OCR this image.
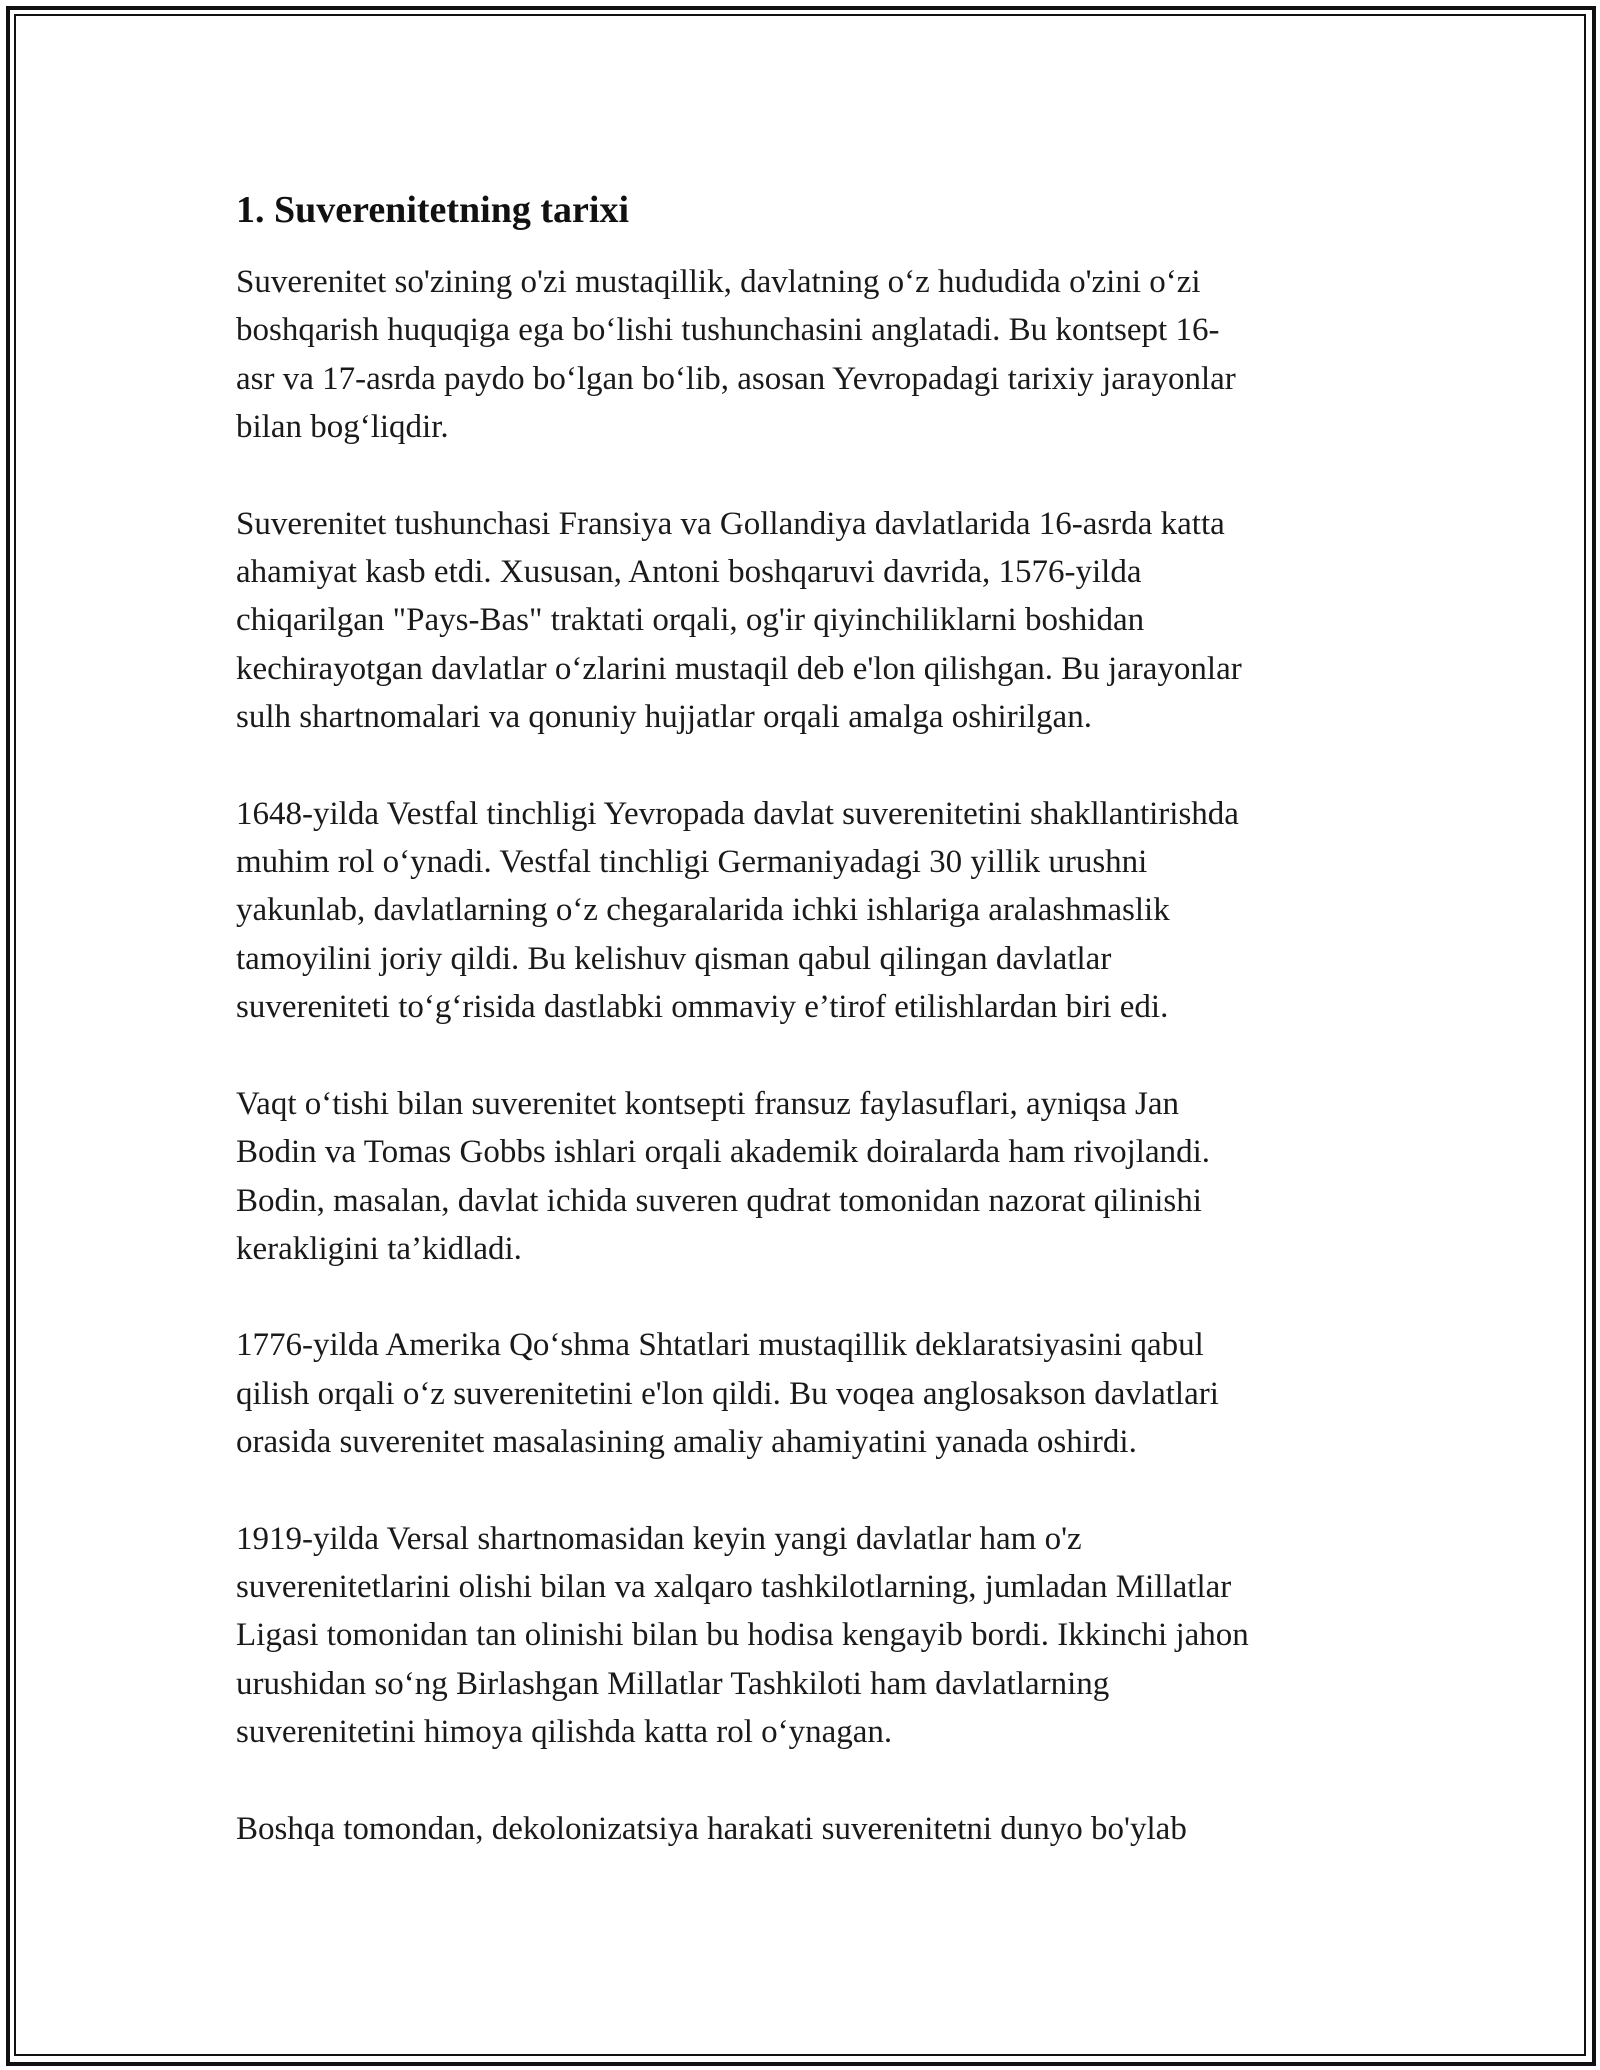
1. Suverenitetning tarixi

Suverenitet so'zining o'zi mustaqillik, davlatning o‘z hududida o'zini o‘zi
boshqarish huquqiga ega bo‘lishi tushunchasini anglatadi. Bu kontsept 16-
asr va 17-asrda paydo bo‘lgan bo‘lib, asosan Yevropadagi tarixiy jarayonlar
bilan bog‘liqdir.

Suverenitet tushunchasi Fransiya va Gollandiya davlatlarida 16-asrda katta
ahamiyat kasb etdi. Xususan, Antoni boshqaruvi davrida, 1576-yilda
chiqarilgan "Pays-Bas" traktati orqali, og'ir qiyinchiliklarni boshidan
kechirayotgan davlatlar o‘zlarini mustaqil deb e'lon qilishgan. Bu jarayonlar
sulh shartnomalari va qonuniy hujjatlar orqali amalga oshirilgan.

1648-yilda Vestfal tinchligi Yevropada davlat suverenitetini shakllantirishda
muhim rol o‘ynadi. Vestfal tinchligi Germaniyadagi 30 yillik urushni
yakunlab, davlatlarning o‘z chegaralarida ichki ishlariga aralashmaslik
tamoyilini joriy qildi. Bu kelishuv qisman qabul qilingan davlatlar
suvereniteti to‘g‘risida dastlabki ommaviy e’tirof etilishlardan biri edi.

Vaqt o‘tishi bilan suverenitet kontsepti fransuz faylasuflari, ayniqsa Jan
Bodin va Tomas Gobbs ishlari orqali akademik doiralarda ham rivojlandi.
Bodin, masalan, davlat ichida suveren qudrat tomonidan nazorat qilinishi
kerakligini ta’kidladi.

1776-yilda Amerika Qo‘shma Shtatlari mustaqillik deklaratsiyasini qabul
qilish orqali o‘z suverenitetini e'lon qildi. Bu voqea anglosakson davlatlari
orasida suverenitet masalasining amaliy ahamiyatini yanada oshirdi.

1919-yilda Versal shartnomasidan keyin yangi davlatlar ham o'z
suverenitetlarini olishi bilan va xalqaro tashkilotlarning, jumladan Millatlar
Ligasi tomonidan tan olinishi bilan bu hodisa kengayib bordi. Ikkinchi jahon
urushidan so‘ng Birlashgan Millatlar Tashkiloti ham davlatlarning
suverenitetini himoya qilishda katta rol o‘ynagan.

Boshqa tomondan, dekolonizatsiya harakati suverenitetni dunyo bo'ylab
